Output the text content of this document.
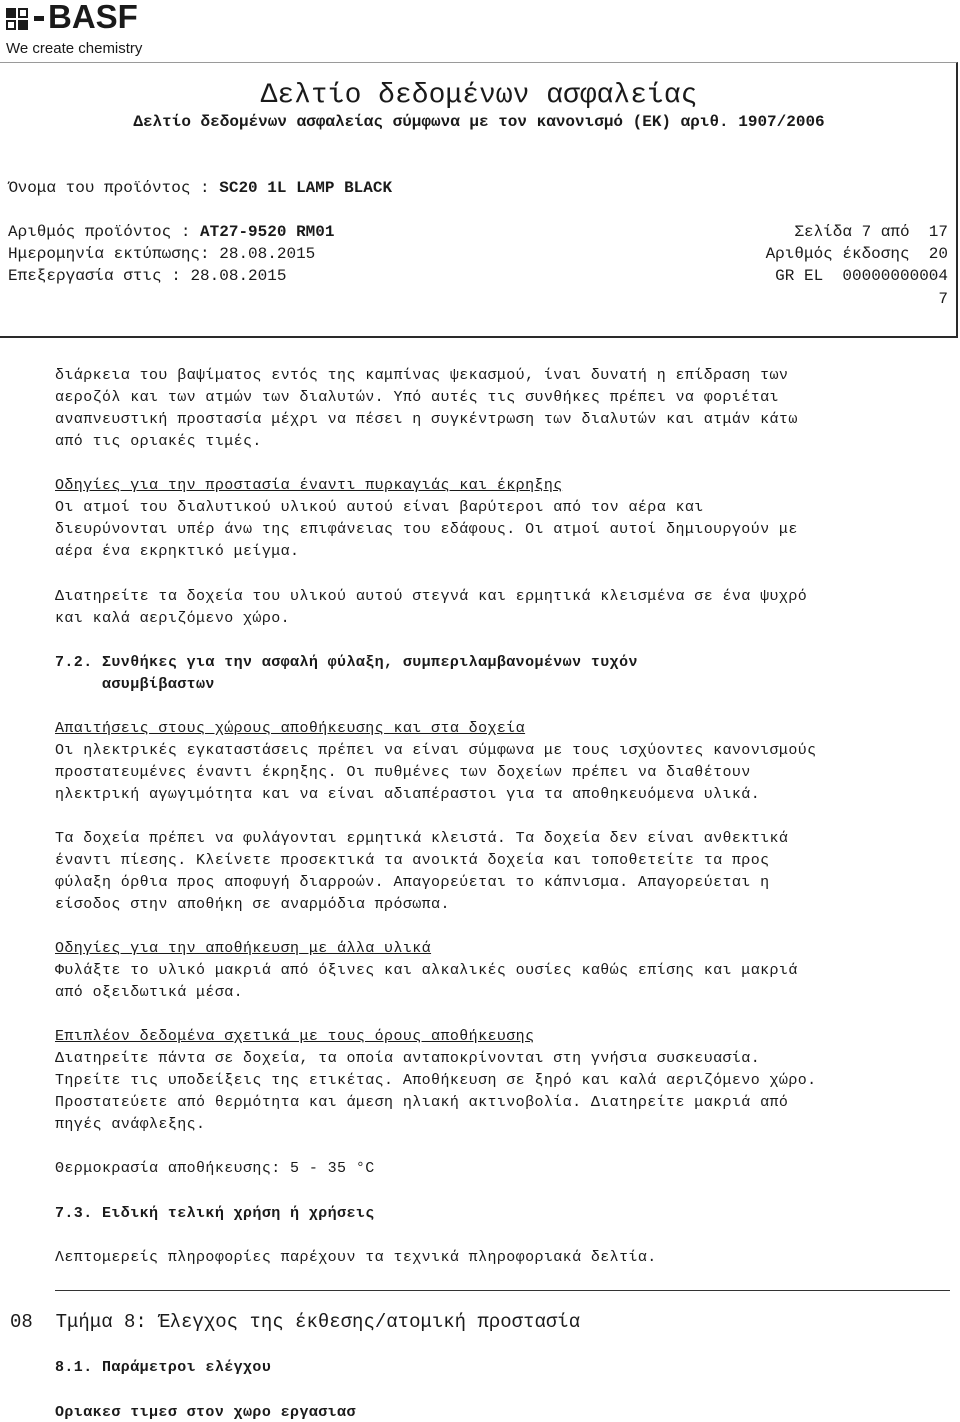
BASF
We create chemistry
Δελτίο δεδομένων ασφαλείας
Δελτίο δεδομένων ασφαλείας σύμφωνα με τον κανονισμό (ΕΚ) αριθ. 1907/2006
Όνομα του προϊόντος : SC20 1L LAMP BLACK
Αριθμός προϊόντος : AT27-9520 RM01
Ημερομηνία εκτύπωσης: 28.08.2015
Επεξεργασία στις : 28.08.2015
Σελίδα 7 από  17
Αριθμός έκδοσης  20
GR EL  00000000004
7
διάρκεια του βαψίματος εντός της καμπίνας ψεκασμού, ίναι δυνατή η επίδραση των
αεροζόλ και των ατμών των διαλυτών. Υπό αυτές τις συνθήκες πρέπει να φοριέται
αναπνευστική προστασία μέχρι να πέσει η συγκέντρωση των διαλυτών και ατμάν κάτω
από τις οριακές τιμές.
Οδηγίες για την προστασία έναντι πυρκαγιάς και έκρηξης
Οι ατμοί του διαλυτικού υλικού αυτού είναι βαρύτεροι από τον αέρα και
διευρύνονται υπέρ άνω της επιφάνειας του εδάφους. Οι ατμοί αυτοί δημιουργούν με
αέρα ένα εκρηκτικό μείγμα.
Διατηρείτε τα δοχεία του υλικού αυτού στεγνά και ερμητικά κλεισμένα σε ένα ψυχρό
και καλά αεριζόμενο χώρο.
7.2. Συνθήκες για την ασφαλή φύλαξη, συμπεριλαμβανομένων τυχόν
ασυμβίβαστων
Απαιτήσεις στους χώρους αποθήκευσης και στα δοχεία
Οι ηλεκτρικές εγκαταστάσεις πρέπει να είναι σύμφωνα με τους ισχύοντες κανονισμούς
προστατευμένες έναντι έκρηξης. Οι πυθμένες των δοχείων πρέπει να διαθέτουν
ηλεκτρική αγωγιμότητα και να είναι αδιαπέραστοι για τα αποθηκευόμενα υλικά.
Τα δοχεία πρέπει να φυλάγονται ερμητικά κλειστά. Τα δοχεία δεν είναι ανθεκτικά
έναντι πίεσης. Κλείνετε προσεκτικά τα ανοικτά δοχεία και τοποθετείτε τα προς
φύλαξη όρθια προς αποφυγή διαρροών. Απαγορεύεται το κάπνισμα. Απαγορεύεται η
είσοδος στην αποθήκη σε αναρμόδια πρόσωπα.
Οδηγίες για την αποθήκευση με άλλα υλικά
Φυλάξτε το υλικό μακριά από όξινες και αλκαλικές ουσίες καθώς επίσης και μακριά
από οξειδωτικά μέσα.
Επιπλέον δεδομένα σχετικά με τους όρους αποθήκευσης
Διατηρείτε πάντα σε δοχεία, τα οποία ανταποκρίνονται στη γνήσια συσκευασία.
Τηρείτε τις υποδείξεις της ετικέτας. Αποθήκευση σε ξηρό και καλά αεριζόμενο χώρο.
Προστατεύετε από θερμότητα και άμεση ηλιακή ακτινοβολία. Διατηρείτε μακριά από
πηγές ανάφλεξης.
Θερμοκρασία αποθήκευσης: 5 - 35 °C
7.3. Ειδική τελική χρήση ή χρήσεις
Λεπτομερείς πληροφορίες παρέχουν τα τεχνικά πληροφοριακά δελτία.
08  Τμήμα 8: Έλεγχος της έκθεσης/ατομική προστασία
8.1. Παράμετροι ελέγχου
Οριακεσ τιμεσ στον χωρο εργασιασ
